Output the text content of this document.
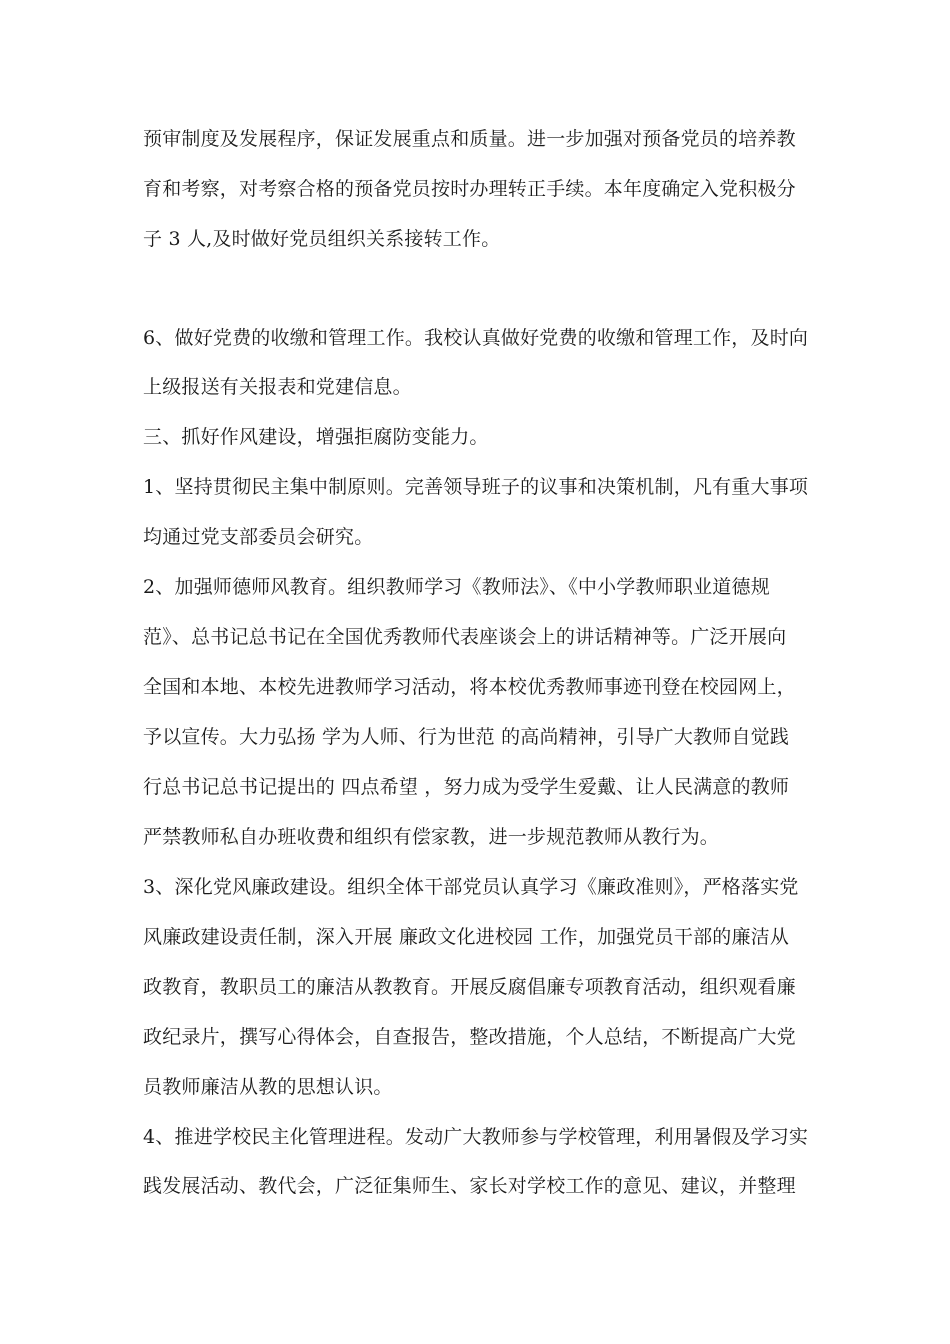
预审制度及发展程序，保证发展重点和质量。进一步加强对预备党员的培养教
育和考察，对考察合格的预备党员按时办理转正手续。本年度确定入党积极分
子 3 人,及时做好党员组织关系接转工作。
6、做好党费的收缴和管理工作。我校认真做好党费的收缴和管理工作，及时向
上级报送有关报表和党建信息。
三、抓好作风建设，增强拒腐防变能力。
1、坚持贯彻民主集中制原则。完善领导班子的议事和决策机制，凡有重大事项
均通过党支部委员会研究。
2、加强师德师风教育。组织教师学习《教师法》、《中小学教师职业道德规
范》、总书记总书记在全国优秀教师代表座谈会上的讲话精神等。广泛开展向
全国和本地、本校先进教师学习活动，将本校优秀教师事迹刊登在校园网上，
予以宣传。大力弘扬 学为人师、行为世范 的高尚精神，引导广大教师自觉践
行总书记总书记提出的 四点希望 ，努力成为受学生爱戴、让人民满意的教师
严禁教师私自办班收费和组织有偿家教，进一步规范教师从教行为。
3、深化党风廉政建设。组织全体干部党员认真学习《廉政准则》，严格落实党
风廉政建设责任制，深入开展 廉政文化进校园 工作，加强党员干部的廉洁从
政教育，教职员工的廉洁从教教育。开展反腐倡廉专项教育活动，组织观看廉
政纪录片，撰写心得体会，自查报告，整改措施，个人总结，不断提高广大党
员教师廉洁从教的思想认识。
4、推进学校民主化管理进程。发动广大教师参与学校管理，利用暑假及学习实
践发展活动、教代会，广泛征集师生、家长对学校工作的意见、建议，并整理
